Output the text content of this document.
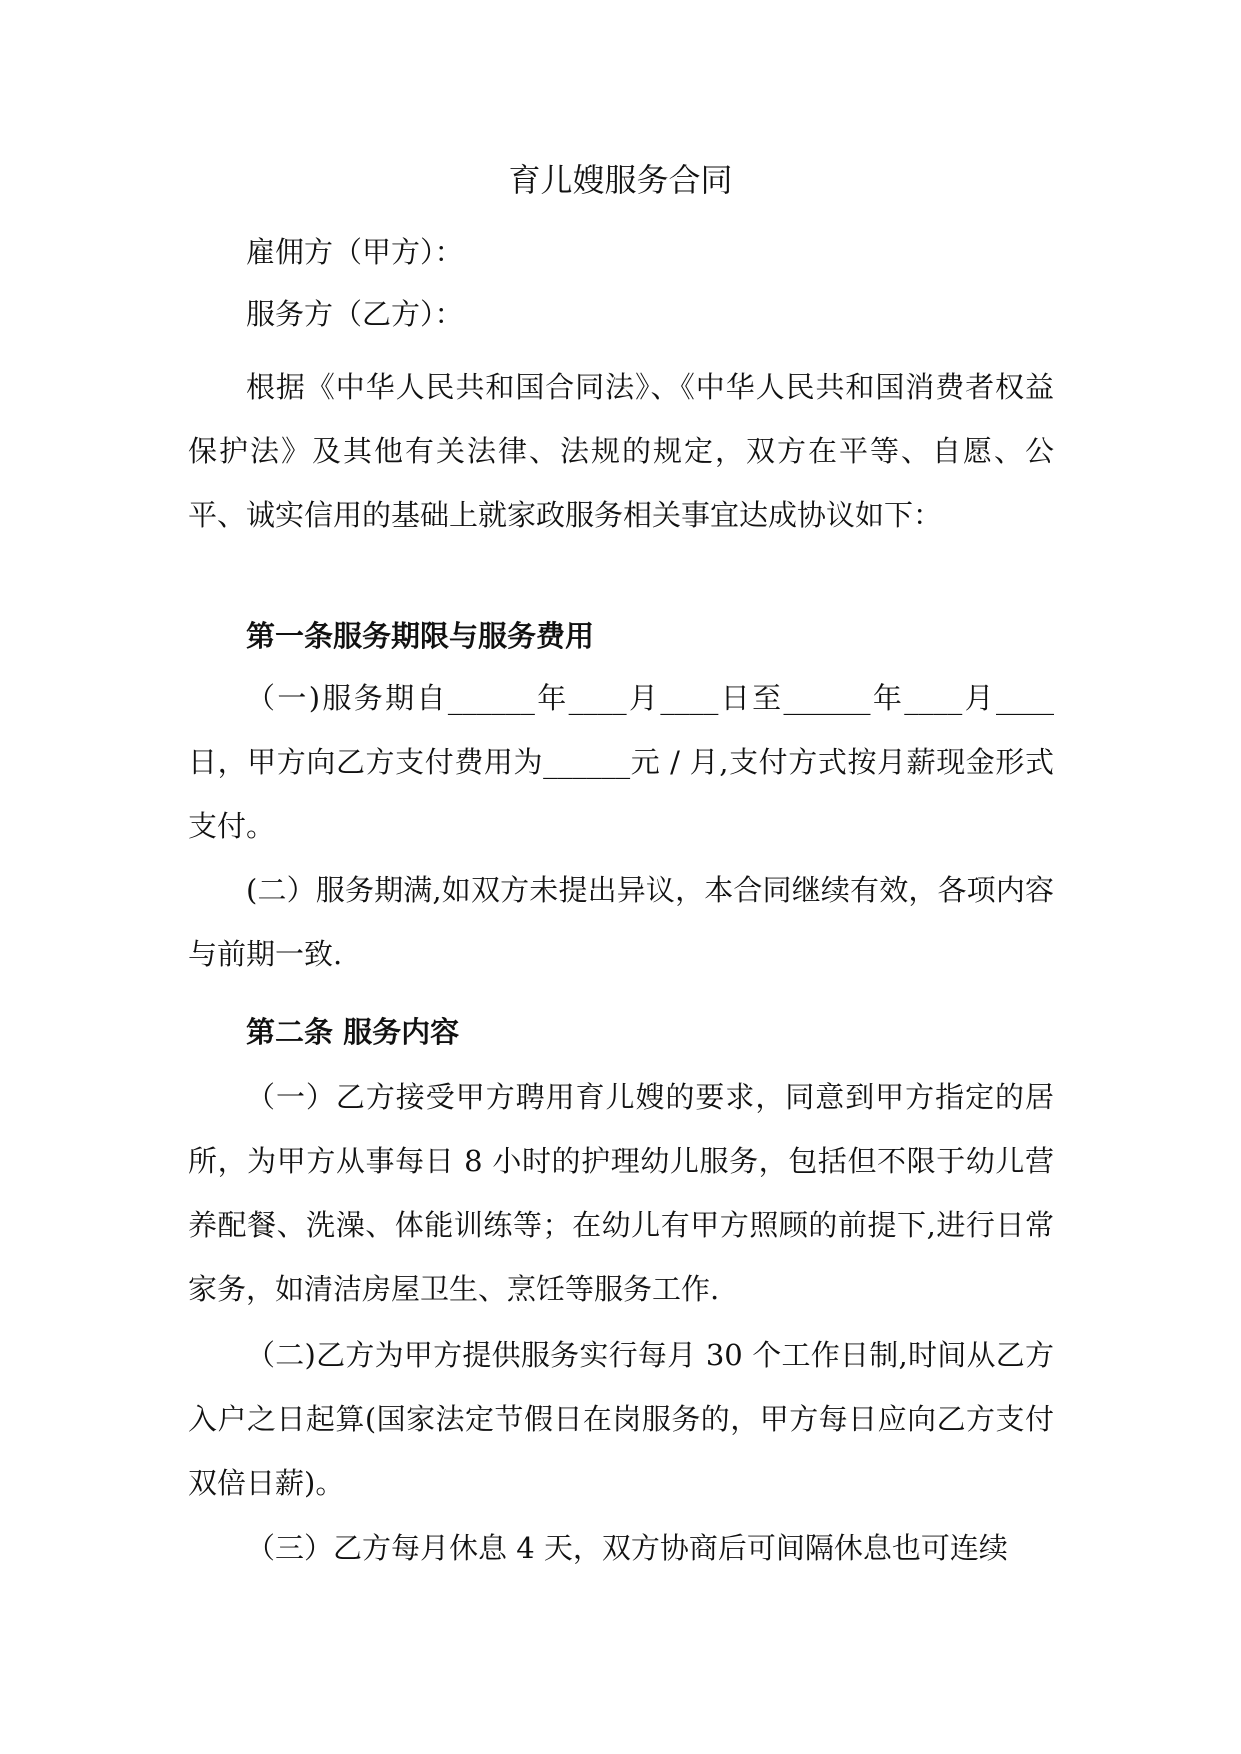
育儿嫂服务合同

雇佣方（甲方）：

服务方（乙方）：

根据《中华人民共和国合同法》、《中华人民共和国消费者权益保护法》及其他有关法律、法规的规定，双方在平等、自愿、公平、诚实信用的基础上就家政服务相关事宜达成协议如下：

第一条服务期限与服务费用

（一)服务期自______年____月____日至______年____月____日，甲方向乙方支付费用为______元 / 月,支付方式按月薪现金形式支付。

(二）服务期满,如双方未提出异议，本合同继续有效，各项内容与前期一致.

第二条 服务内容

（一）乙方接受甲方聘用育儿嫂的要求，同意到甲方指定的居所，为甲方从事每日 8 小时的护理幼儿服务，包括但不限于幼儿营养配餐、洗澡、体能训练等；在幼儿有甲方照顾的前提下,进行日常家务，如清洁房屋卫生、烹饪等服务工作.

（二)乙方为甲方提供服务实行每月 30 个工作日制,时间从乙方入户之日起算(国家法定节假日在岗服务的，甲方每日应向乙方支付双倍日薪)。

（三）乙方每月休息 4 天，双方协商后可间隔休息也可连续
